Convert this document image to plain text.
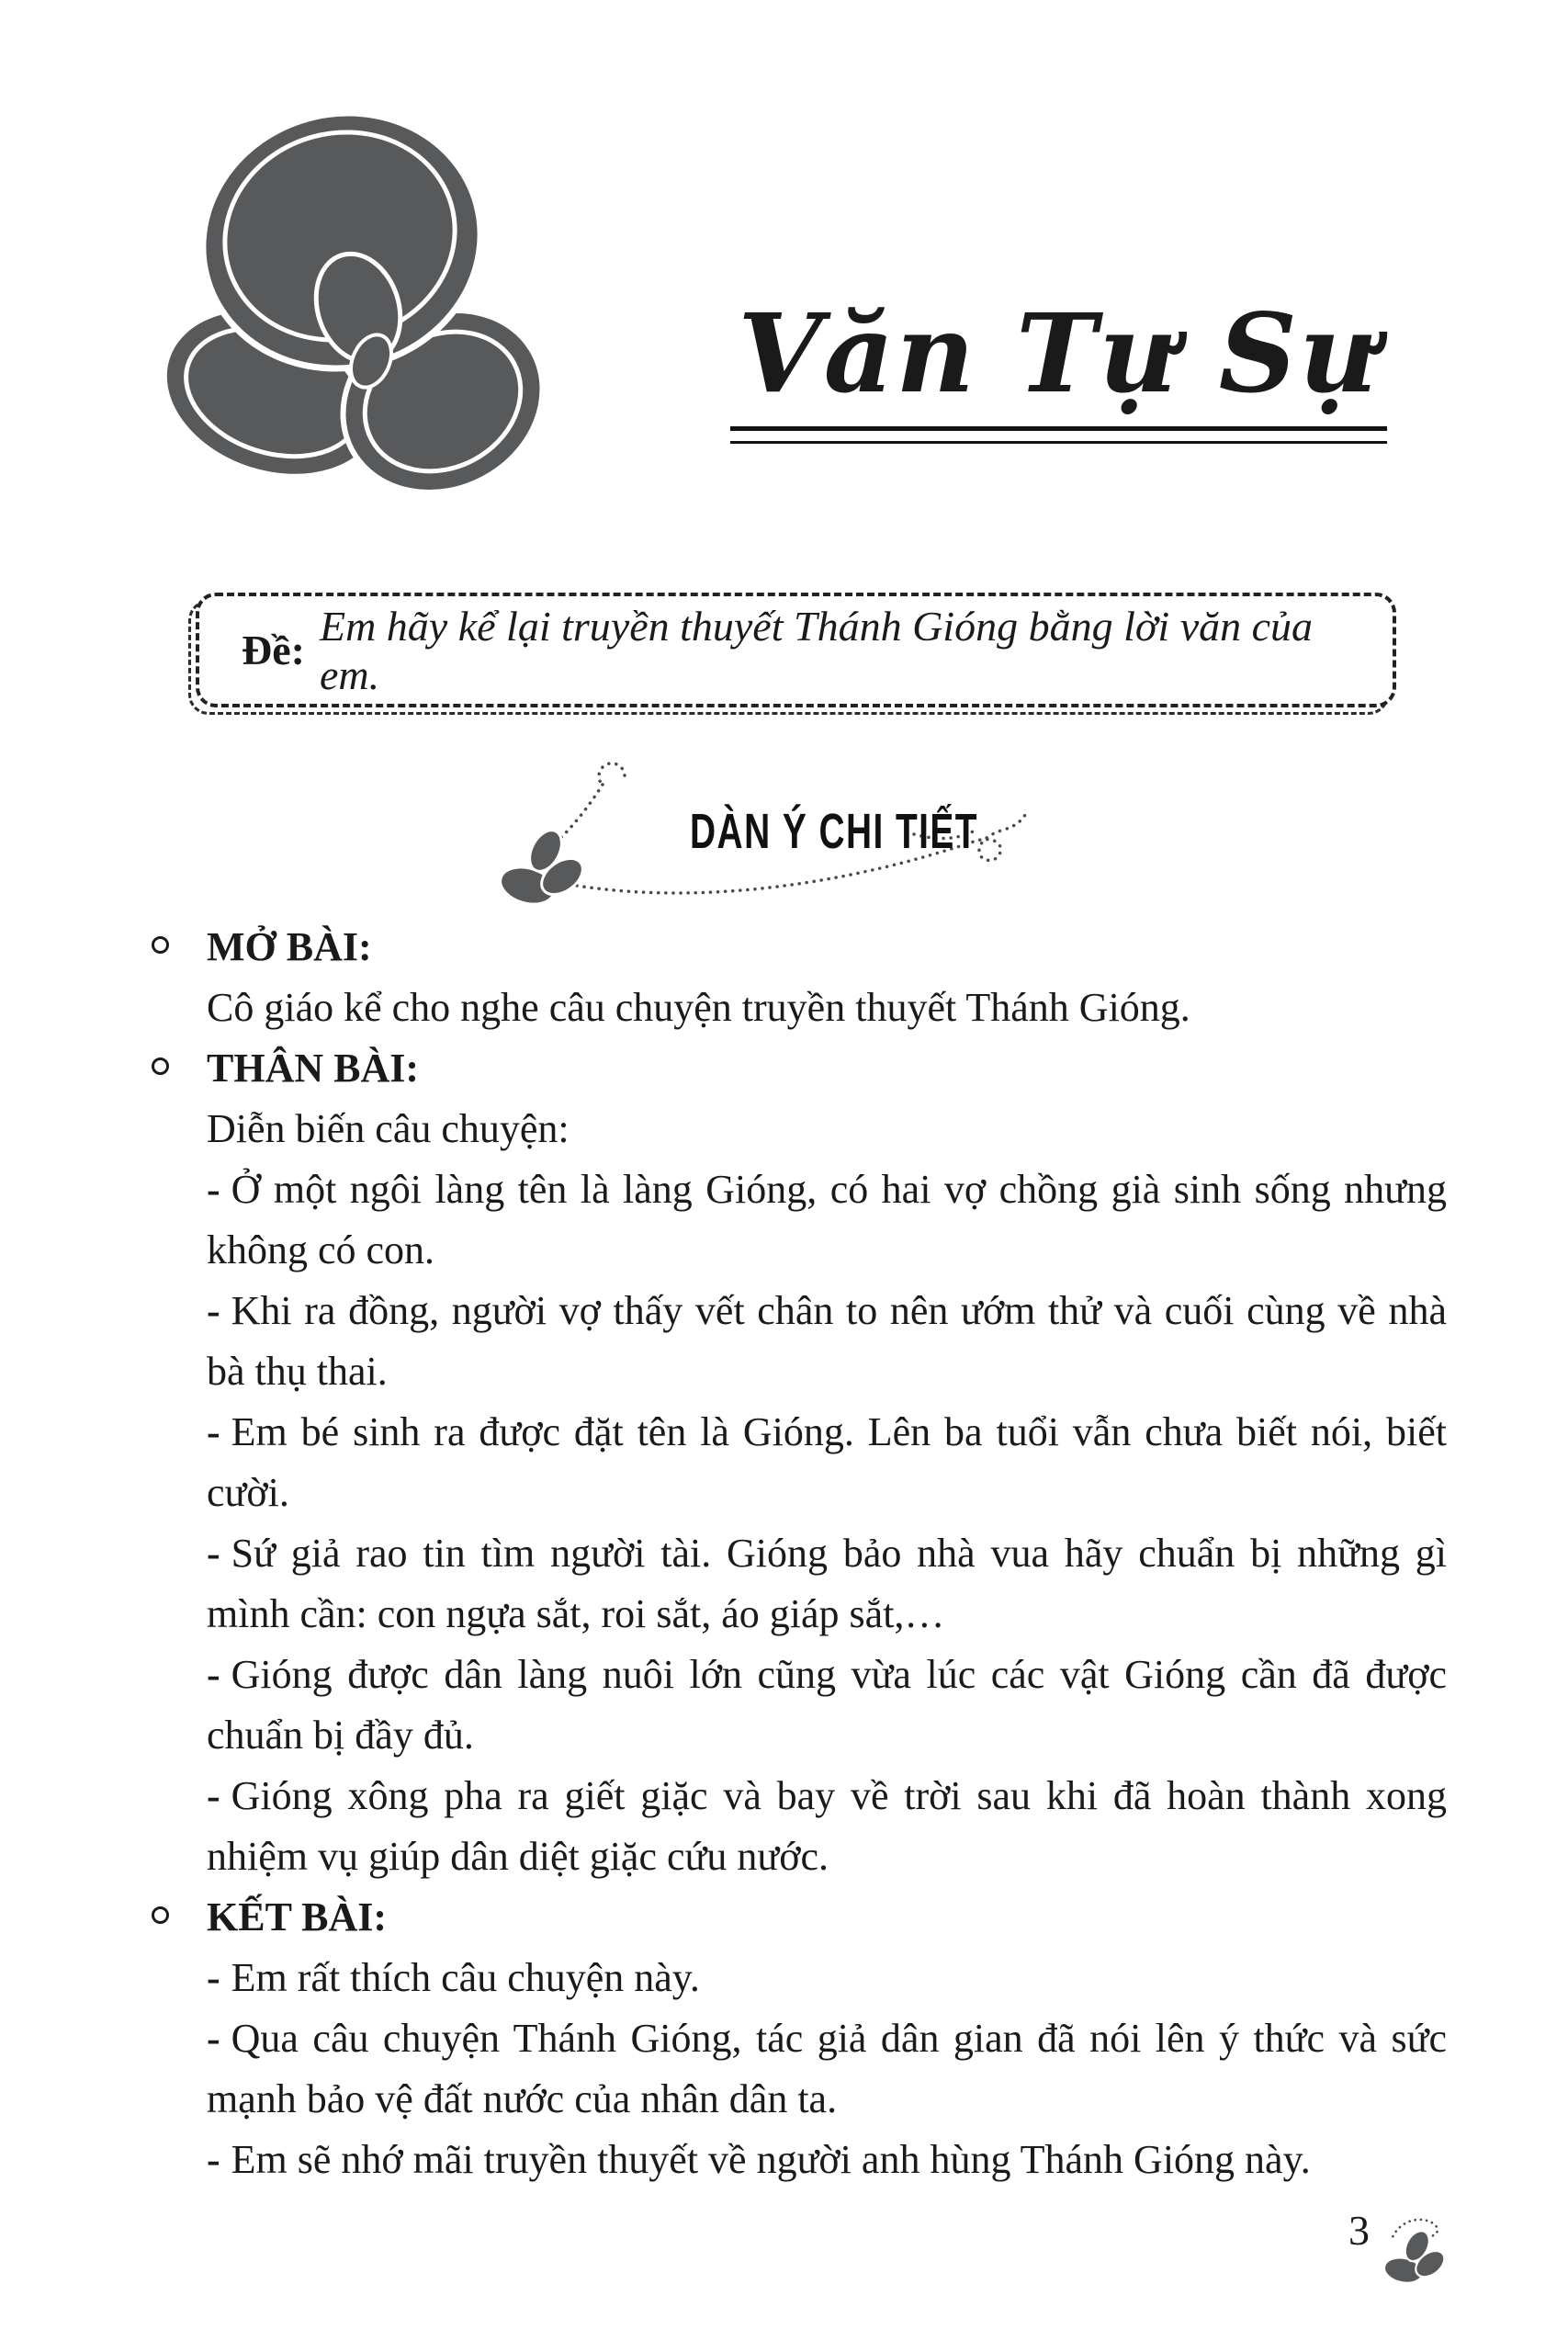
Văn Tự Sự
Đề:
Em hãy kể lại truyền thuyết Thánh Gióng bằng lời văn của em.
DÀN Ý CHI TIẾT
MỞ BÀI:

Cô giáo kể cho nghe câu chuyện truyền thuyết Thánh Gióng.

THÂN BÀI:

Diễn biến câu chuyện:

- Ở một ngôi làng tên là làng Gióng, có hai vợ chồng già sinh sống nhưng không có con.

- Khi ra đồng, người vợ thấy vết chân to nên ướm thử và cuối cùng về nhà bà thụ thai.

- Em bé sinh ra được đặt tên là Gióng. Lên ba tuổi vẫn chưa biết nói, biết cười.

- Sứ giả rao tin tìm người tài. Gióng bảo nhà vua hãy chuẩn bị những gì mình cần: con ngựa sắt, roi sắt, áo giáp sắt,…

- Gióng được dân làng nuôi lớn cũng vừa lúc các vật Gióng cần đã được chuẩn bị đầy đủ.

- Gióng xông pha ra giết giặc và bay về trời sau khi đã hoàn thành xong nhiệm vụ giúp dân diệt giặc cứu nước.

KẾT BÀI:

- Em rất thích câu chuyện này.

- Qua câu chuyện Thánh Gióng, tác giả dân gian đã nói lên ý thức và sức mạnh bảo vệ đất nước của nhân dân ta.

- Em sẽ nhớ mãi truyền thuyết về người anh hùng Thánh Gióng này.

3
